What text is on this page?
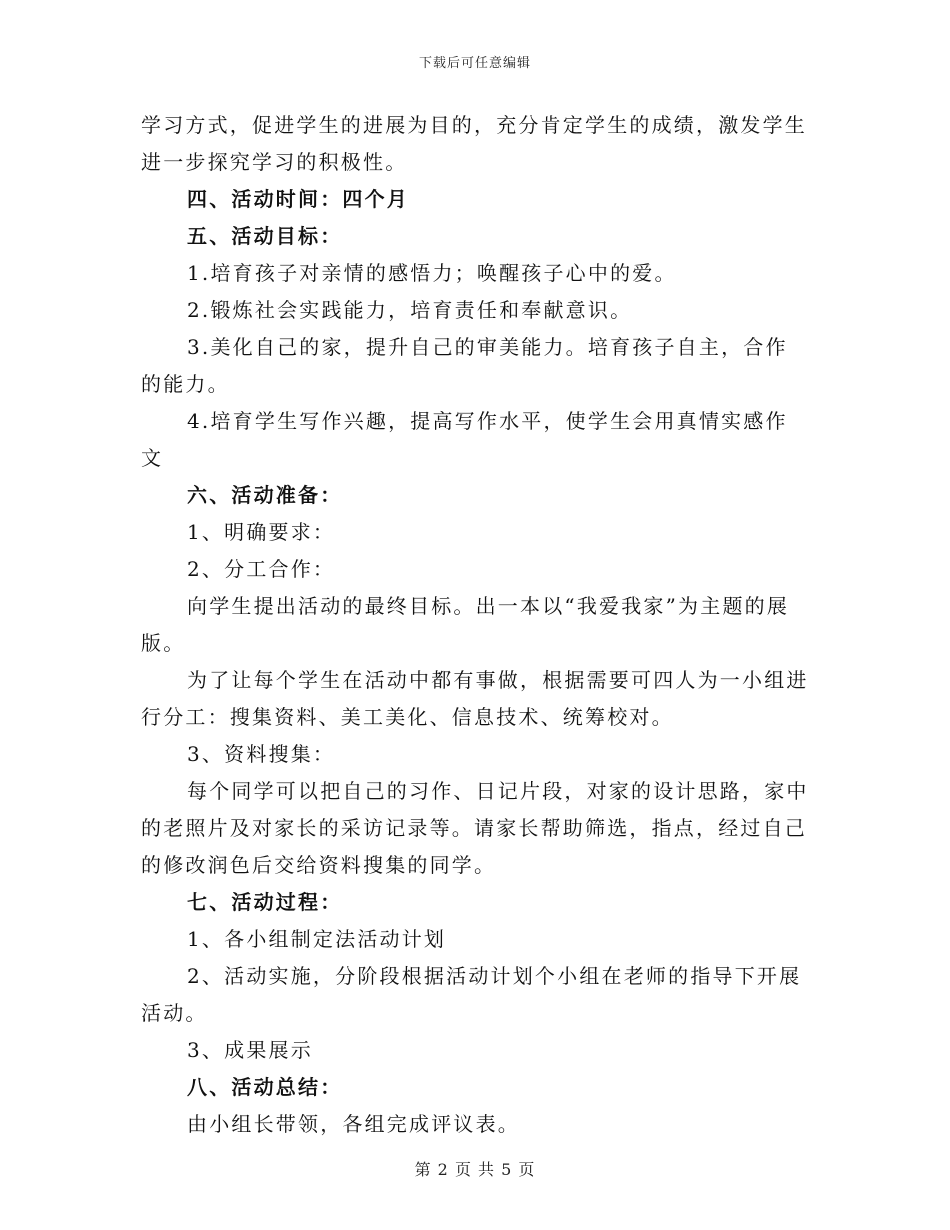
下载后可任意编辑

学习方式，促进学生的进展为目的，充分肯定学生的成绩，激发学生进一步探究学习的积极性。

四、活动时间：四个月

五、活动目标：

1.培育孩子对亲情的感悟力；唤醒孩子心中的爱。

2.锻炼社会实践能力，培育责任和奉献意识。

3.美化自己的家，提升自己的审美能力。培育孩子自主，合作的能力。

4.培育学生写作兴趣，提高写作水平，使学生会用真情实感作文

六、活动准备：

1、明确要求：

2、分工合作：

向学生提出活动的最终目标。出一本以“我爱我家”为主题的展版。

为了让每个学生在活动中都有事做，根据需要可四人为一小组进行分工：搜集资料、美工美化、信息技术、统筹校对。

3、资料搜集：

每个同学可以把自己的习作、日记片段，对家的设计思路，家中的老照片及对家长的采访记录等。请家长帮助筛选，指点，经过自己的修改润色后交给资料搜集的同学。

七、活动过程：

1、各小组制定法活动计划

2、活动实施，分阶段根据活动计划个小组在老师的指导下开展活动。

3、成果展示

八、活动总结：

由小组长带领，各组完成评议表。

第 2 页 共 5 页
